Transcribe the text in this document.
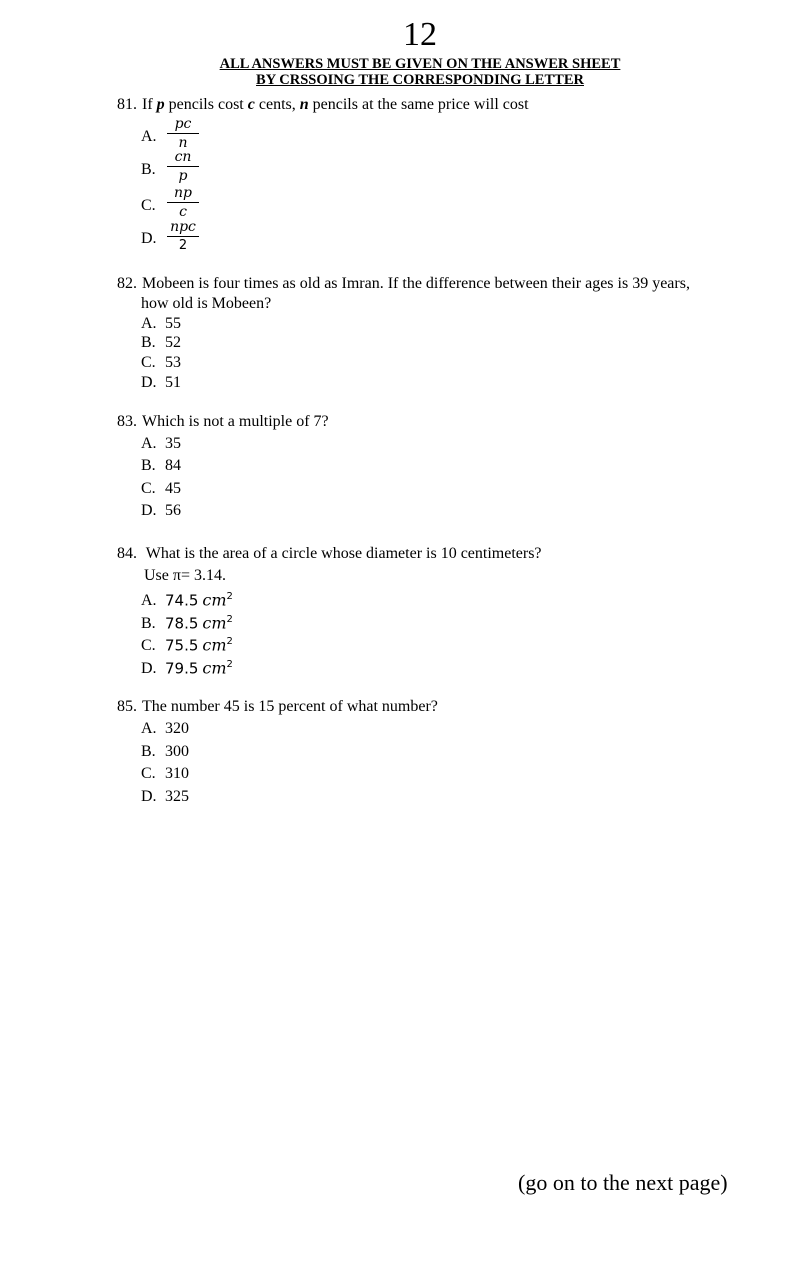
12
ALL ANSWERS MUST BE GIVEN ON THE ANSWER SHEET
BY CRSSOING THE CORRESPONDING LETTER
81. If p pencils cost c cents, n pencils at the same price will cost
A.
pc
n
B.
cn
p
C.
np
c
D.
npc
2
82. Mobeen is four times as old as Imran. If the difference between their ages is 39 years,
how old is Mobeen?
A. 55
B. 52
C. 53
D. 51
83. Which is not a multiple of 7?
A. 35
B. 84
C. 45
D. 56
84. What is the area of a circle whose diameter is 10 centimeters?
Use π= 3.14.
A. 74.5 $cm^2$
B. 78.5 $cm^2$
C. 75.5 $cm^2$
D. 79.5 $cm^2$
85. The number 45 is 15 percent of what number?
A. 320
B. 300
C. 310
D. 325
(go on to the next page)
